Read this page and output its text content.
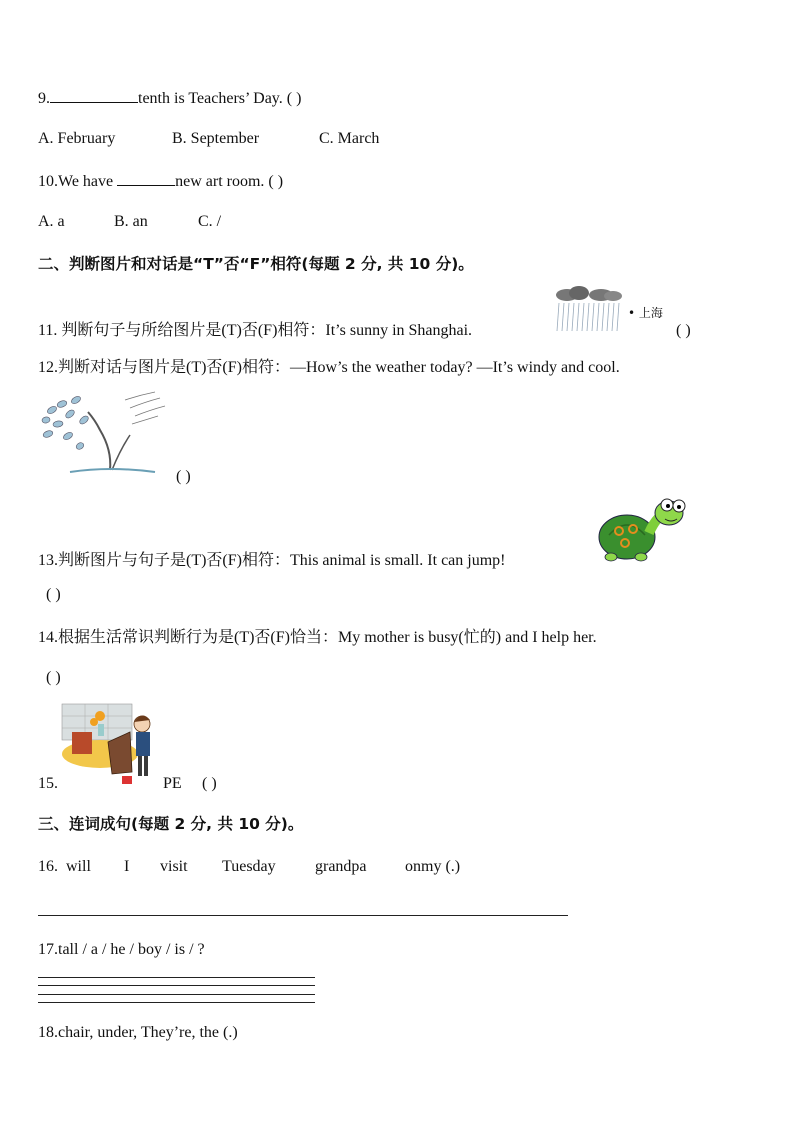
9.	tenth is Teachers’ Day. ( )
A. February	B. September	C. March
10.We have	new art room. ( )
A. a	B. an	C. /
二、判断图片和对话是“T”否“F”相符(每题 2 分, 共 10 分)。
11. 判断句子与所给图片是(T)否(F)相符：It’s sunny in Shanghai.
• 上海
( )
12.判断对话与图片是(T)否(F)相符：—How’s the weather today? —It’s windy and cool.
( )
13.判断图片与句子是(T)否(F)相符：This animal is small. It can jump!
( )
14.根据生活常识判断行为是(T)否(F)恰当：My mother is busy(忙的) and I help her.
( )
15.	PE ( )
三、连词成句(每题 2 分, 共 10 分)。
16. will I visit Tuesday grandpa onmy (.)
17.tall / a / he / boy / is / ?
18.chair, under, They’re, the (.)
